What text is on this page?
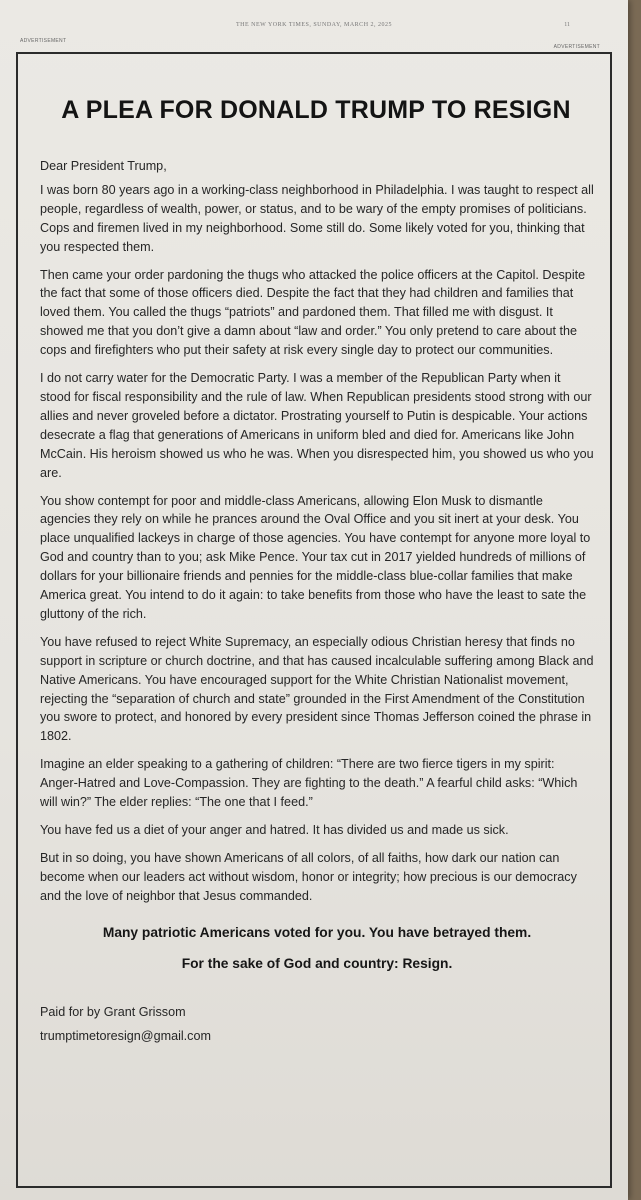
THE NEW YORK TIMES, SUNDAY, MARCH 2, 2025	11
ADVERTISEMENT
ADVERTISEMENT
A PLEA FOR DONALD TRUMP TO RESIGN

Dear President Trump,

I was born 80 years ago in a working-class neighborhood in Philadelphia. I was taught to respect all people, regardless of wealth, power, or status, and to be wary of the empty promises of politicians. Cops and firemen lived in my neighborhood. Some still do. Some likely voted for you, thinking that you respected them.

Then came your order pardoning the thugs who attacked the police officers at the Capitol. Despite the fact that some of those officers died. Despite the fact that they had children and families that loved them. You called the thugs “patriots” and pardoned them. That filled me with disgust. It showed me that you don’t give a damn about “law and order.” You only pretend to care about the cops and firefighters who put their safety at risk every single day to protect our communities.

I do not carry water for the Democratic Party. I was a member of the Republican Party when it stood for fiscal responsibility and the rule of law. When Republican presidents stood strong with our allies and never groveled before a dictator. Prostrating yourself to Putin is despicable. Your actions desecrate a flag that generations of Americans in uniform bled and died for. Americans like John McCain. His heroism showed us who he was. When you disrespected him, you showed us who you are.

You show contempt for poor and middle-class Americans, allowing Elon Musk to dismantle agencies they rely on while he prances around the Oval Office and you sit inert at your desk. You place unqualified lackeys in charge of those agencies. You have contempt for anyone more loyal to God and country than to you; ask Mike Pence. Your tax cut in 2017 yielded hundreds of millions of dollars for your billionaire friends and pennies for the middle-class blue-collar families that make America great. You intend to do it again: to take benefits from those who have the least to sate the gluttony of the rich.

You have refused to reject White Supremacy, an especially odious Christian heresy that finds no support in scripture or church doctrine, and that has caused incalculable suffering among Black and Native Americans. You have encouraged support for the White Christian Nationalist movement, rejecting the “separation of church and state” grounded in the First Amendment of the Constitution you swore to protect, and honored by every president since Thomas Jefferson coined the phrase in 1802.

Imagine an elder speaking to a gathering of children: “There are two fierce tigers in my spirit: Anger-Hatred and Love-Compassion. They are fighting to the death.” A fearful child asks: “Which will win?” The elder replies: “The one that I feed.”

You have fed us a diet of your anger and hatred. It has divided us and made us sick.

But in so doing, you have shown Americans of all colors, of all faiths, how dark our nation can become when our leaders act without wisdom, honor or integrity; how precious is our democracy and the love of neighbor that Jesus commanded.

Many patriotic Americans voted for you. You have betrayed them.

For the sake of God and country: Resign.

Paid for by Grant Grissom

trumptimetoresign@gmail.com
